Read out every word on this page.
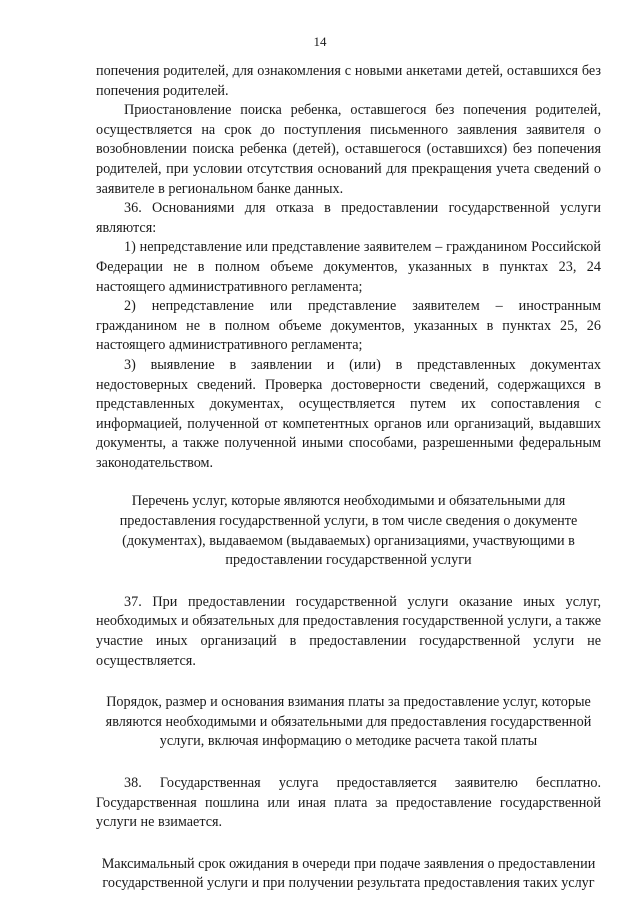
14

попечения родителей, для ознакомления с новыми анкетами детей, оставшихся без попечения родителей.

Приостановление поиска ребенка, оставшегося без попечения родителей, осуществляется на срок до поступления письменного заявления заявителя о возобновлении поиска ребенка (детей), оставшегося (оставшихся) без попечения родителей, при условии отсутствия оснований для прекращения учета сведений о заявителе в региональном банке данных.

36. Основаниями для отказа в предоставлении государственной услуги являются:

1) непредставление или представление заявителем – гражданином Российской Федерации не в полном объеме документов, указанных в пунктах 23, 24 настоящего административного регламента;

2) непредставление или представление заявителем – иностранным гражданином не в полном объеме документов, указанных в пунктах 25, 26 настоящего административного регламента;

3) выявление в заявлении и (или) в представленных документах недостоверных сведений. Проверка достоверности сведений, содержащихся в представленных документах, осуществляется путем их сопоставления с информацией, полученной от компетентных органов или организаций, выдавших документы, а также полученной иными способами, разрешенными федеральным законодательством.

Перечень услуг, которые являются необходимыми и обязательными для предоставления государственной услуги, в том числе сведения о документе (документах), выдаваемом (выдаваемых) организациями, участвующими в предоставлении государственной услуги

37. При предоставлении государственной услуги оказание иных услуг, необходимых и обязательных для предоставления государственной услуги, а также участие иных организаций в предоставлении государственной услуги не осуществляется.

Порядок, размер и основания взимания платы за предоставление услуг, которые являются необходимыми и обязательными для предоставления государственной услуги, включая информацию о методике расчета такой платы

38. Государственная услуга предоставляется заявителю бесплатно. Государственная пошлина или иная плата за предоставление государственной услуги не взимается.

Максимальный срок ожидания в очереди при подаче заявления о предоставлении государственной услуги и при получении результата предоставления таких услуг
